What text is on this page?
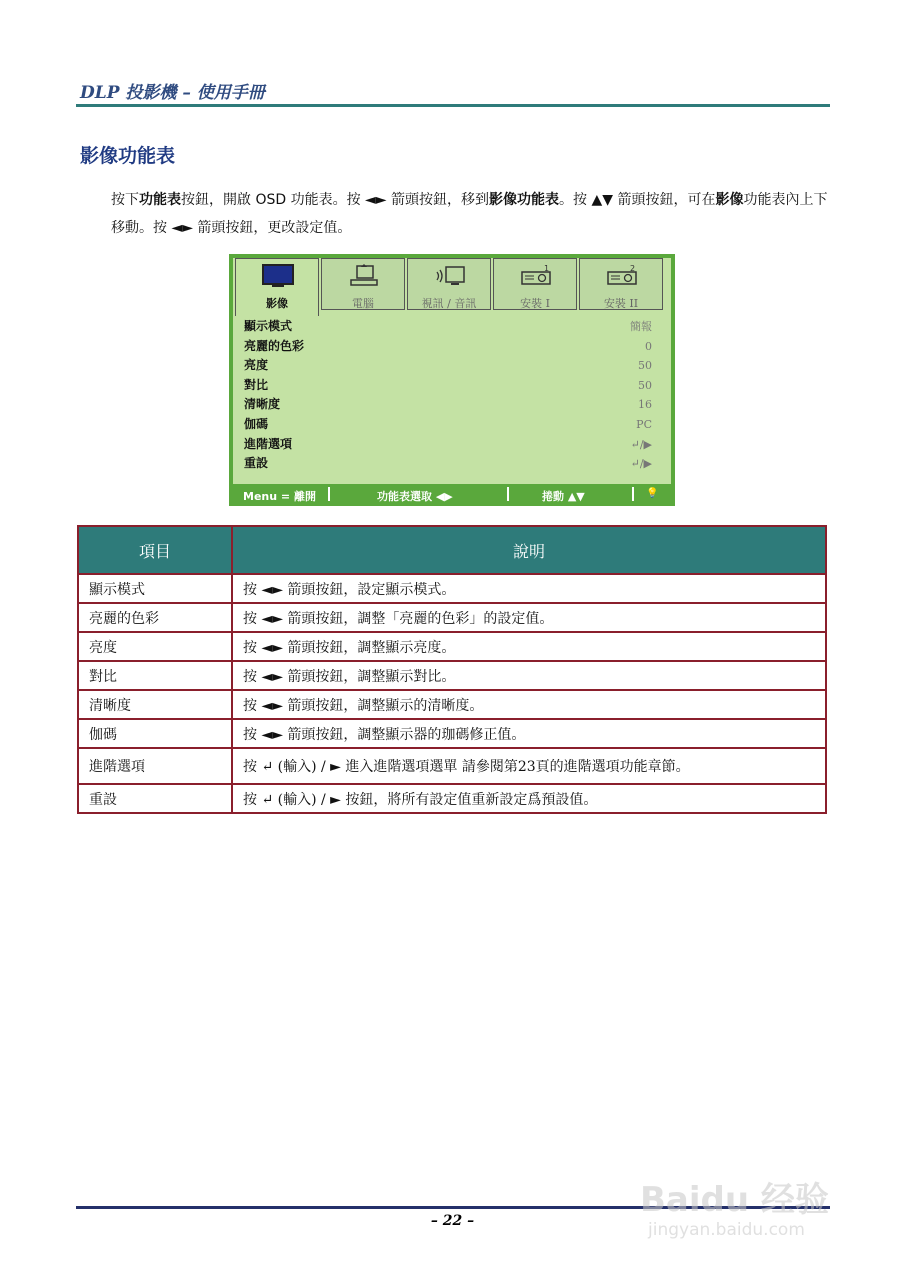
DLP 投影機 – 使用手冊
影像功能表
按下功能表按鈕，開啟 OSD 功能表。按 ◄► 箭頭按鈕，移到影像功能表。按 ▲▼ 箭頭按鈕，可在影像功能表內上下移動。按 ◄► 箭頭按鈕，更改設定值。
影像	電腦	視訊 / 音訊
1
安裝 I
2
安裝 II
顯示模式	簡報
亮麗的色彩	0
亮度	50
對比	50
清晰度	16
伽碼	PC
進階選項	↵/▶
重設	↵/▶
Menu = 離開	功能表選取 ◀▶	捲動 ▲▼	💡
項目	說明
顯示模式	按 ◄► 箭頭按鈕，設定顯示模式。
亮麗的色彩	按 ◄► 箭頭按鈕，調整「亮麗的色彩」的設定值。
亮度	按 ◄► 箭頭按鈕，調整顯示亮度。
對比	按 ◄► 箭頭按鈕，調整顯示對比。
清晰度	按 ◄► 箭頭按鈕，調整顯示的清晰度。
伽碼	按 ◄► 箭頭按鈕，調整顯示器的珈碼修正值。
進階選項	按 ↵ (輸入) / ► 進入進階選項選單 請參閱第23頁的進階選項功能章節。
重設	按 ↵ (輸入) / ► 按鈕，將所有設定值重新設定爲預設值。
– 22 –
Baidu 经验
jingyan.baidu.com
